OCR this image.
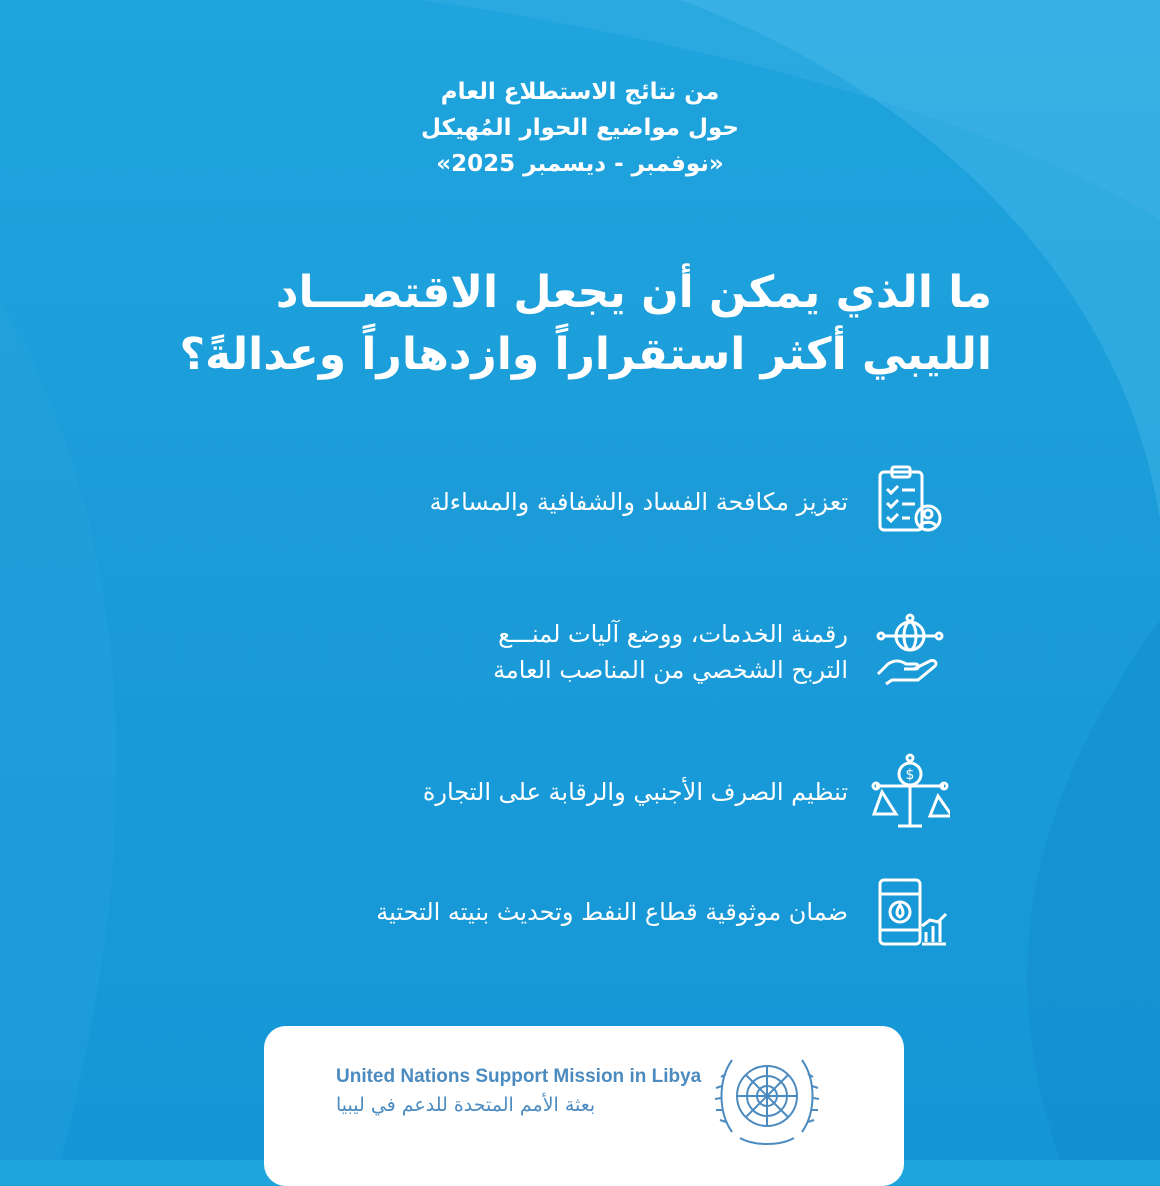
من نتائج الاستطلاع العام
حول مواضيع الحوار المُهيكل
«نوفمبر - ديسمبر 2025»
ما الذي يمكن أن يجعل الاقتصـــاد
الليبي أكثر استقراراً وازدهاراً وعدالةً؟
تعزيز مكافحة الفساد والشفافية والمساءلة
رقمنة الخدمات، ووضع آليات لمنـــع
التربح الشخصي من المناصب العامة
$
تنظيم الصرف الأجنبي والرقابة على التجارة
ضمان موثوقية قطاع النفط وتحديث بنيته التحتية
United Nations Support Mission in Libya
بعثة الأمم المتحدة للدعم في ليبيا
